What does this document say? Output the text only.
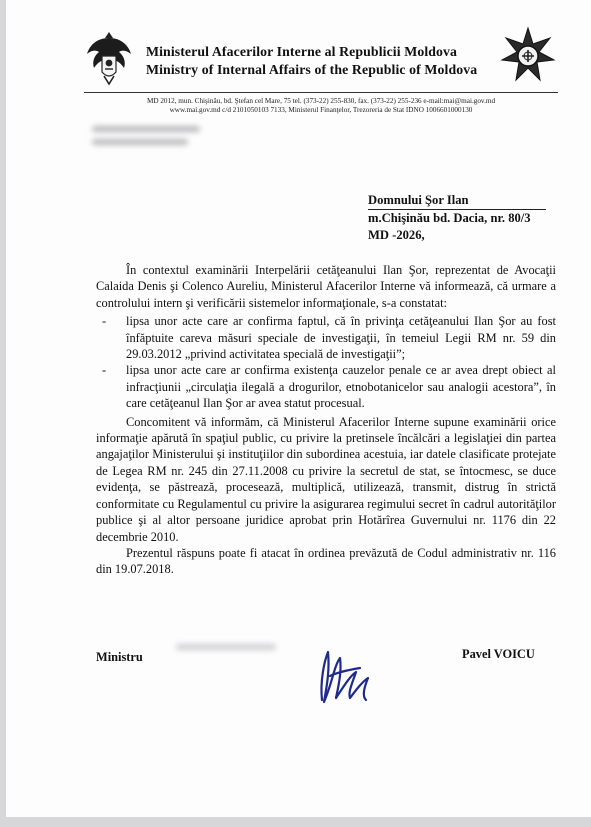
Ministerul Afacerilor Interne al Republicii Moldova
Ministry of Internal Affairs of the Republic of Moldova
MD 2012, mun. Chişinău, bd. Ştefan cel Mare, 75 tel. (373-22) 255-830, fax. (373-22) 255-236 e-mail:mai@mai.gov.md
www.mai.gov.md c/d 2101050103 7133, Ministerul Finanţelor, Trezoreria de Stat IDNO 1006601000130
Domnului Şor Ilan
m.Chişinău bd. Dacia, nr. 80/3
MD -2026,

În contextul examinării Interpelării cetăţeanului Ilan Şor, reprezentat de Avocaţii Calaida Denis şi Colenco Aureliu, Ministerul Afacerilor Interne vă informează, că urmare a controlului intern şi verificării sistemelor informaţionale, s-a constatat:

- lipsa unor acte care ar confirma faptul, că în privinţa cetăţeanului Ilan Şor au fost înfăptuite careva măsuri speciale de investigaţii, în temeiul Legii RM nr. 59 din 29.03.2012 „privind activitatea specială de investigaţii”;
- lipsa unor acte care ar confirma existenţa cauzelor penale ce ar avea drept obiect al infracţiunii „circulaţia ilegală a drogurilor, etnobotanicelor sau analogii acestora”, în care cetăţeanul Ilan Şor ar avea statut procesual.

Concomitent vă informăm, că Ministerul Afacerilor Interne supune examinării orice informaţie apărută în spaţiul public, cu privire la pretinsele încălcări a legislaţiei din partea angajaţilor Ministerului şi instituţiilor din subordinea acestuia, iar datele clasificate protejate de Legea RM nr. 245 din 27.11.2008 cu privire la secretul de stat, se întocmesc, se duce evidenţa, se păstrează, procesează, multiplică, utilizează, transmit, distrug în strictă conformitate cu Regulamentul cu privire la asigurarea regimului secret în cadrul autorităţilor publice şi al altor persoane juridice aprobat prin Hotărîrea Guvernului nr. 1176 din 22 decembrie 2010.

Prezentul răspuns poate fi atacat în ordinea prevăzută de Codul administrativ nr. 116 din 19.07.2018.

Ministru	Pavel VOICU
